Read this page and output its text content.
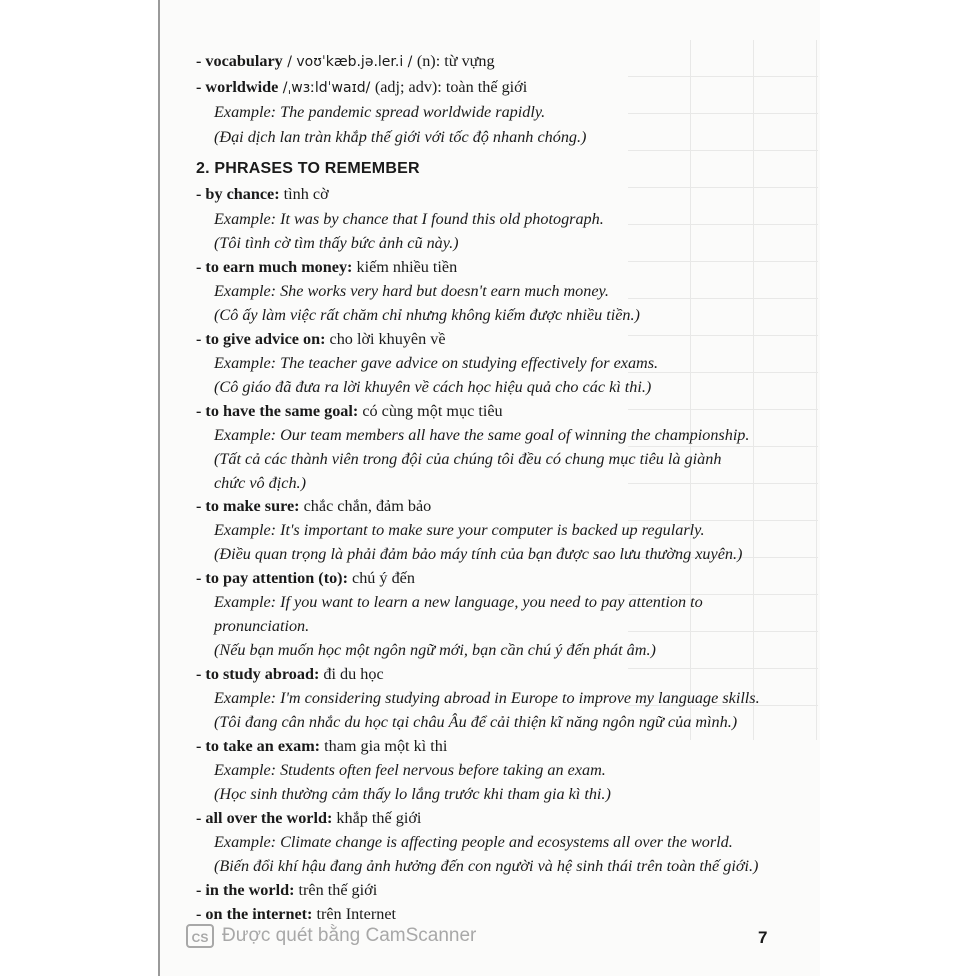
- vocabulary / voʊˈkæb.jə.ler.i / (n): từ vựng
- worldwide /ˌwɜːldˈwaɪd/ (adj; adv): toàn thế giới
Example: The pandemic spread worldwide rapidly.
(Đại dịch lan tràn khắp thế giới với tốc độ nhanh chóng.)
2. PHRASES TO REMEMBER
- by chance: tình cờ
Example: It was by chance that I found this old photograph.
(Tôi tình cờ tìm thấy bức ảnh cũ này.)
- to earn much money: kiếm nhiều tiền
Example: She works very hard but doesn't earn much money.
(Cô ấy làm việc rất chăm chỉ nhưng không kiếm được nhiều tiền.)
- to give advice on: cho lời khuyên về
Example: The teacher gave advice on studying effectively for exams.
(Cô giáo đã đưa ra lời khuyên về cách học hiệu quả cho các kì thi.)
- to have the same goal: có cùng một mục tiêu
Example: Our team members all have the same goal of winning the championship.
(Tất cả các thành viên trong đội của chúng tôi đều có chung mục tiêu là giành
chức vô địch.)
- to make sure: chắc chắn, đảm bảo
Example: It's important to make sure your computer is backed up regularly.
(Điều quan trọng là phải đảm bảo máy tính của bạn được sao lưu thường xuyên.)
- to pay attention (to): chú ý đến
Example: If you want to learn a new language, you need to pay attention to
pronunciation.
(Nếu bạn muốn học một ngôn ngữ mới, bạn cần chú ý đến phát âm.)
- to study abroad: đi du học
Example: I'm considering studying abroad in Europe to improve my language skills.
(Tôi đang cân nhắc du học tại châu Âu để cải thiện kĩ năng ngôn ngữ của mình.)
- to take an exam: tham gia một kì thi
Example: Students often feel nervous before taking an exam.
(Học sinh thường cảm thấy lo lắng trước khi tham gia kì thi.)
- all over the world: khắp thế giới
Example: Climate change is affecting people and ecosystems all over the world.
(Biến đổi khí hậu đang ảnh hưởng đến con người và hệ sinh thái trên toàn thế giới.)
- in the world: trên thế giới
- on the internet: trên Internet
CS Được quét bằng CamScanner	7
